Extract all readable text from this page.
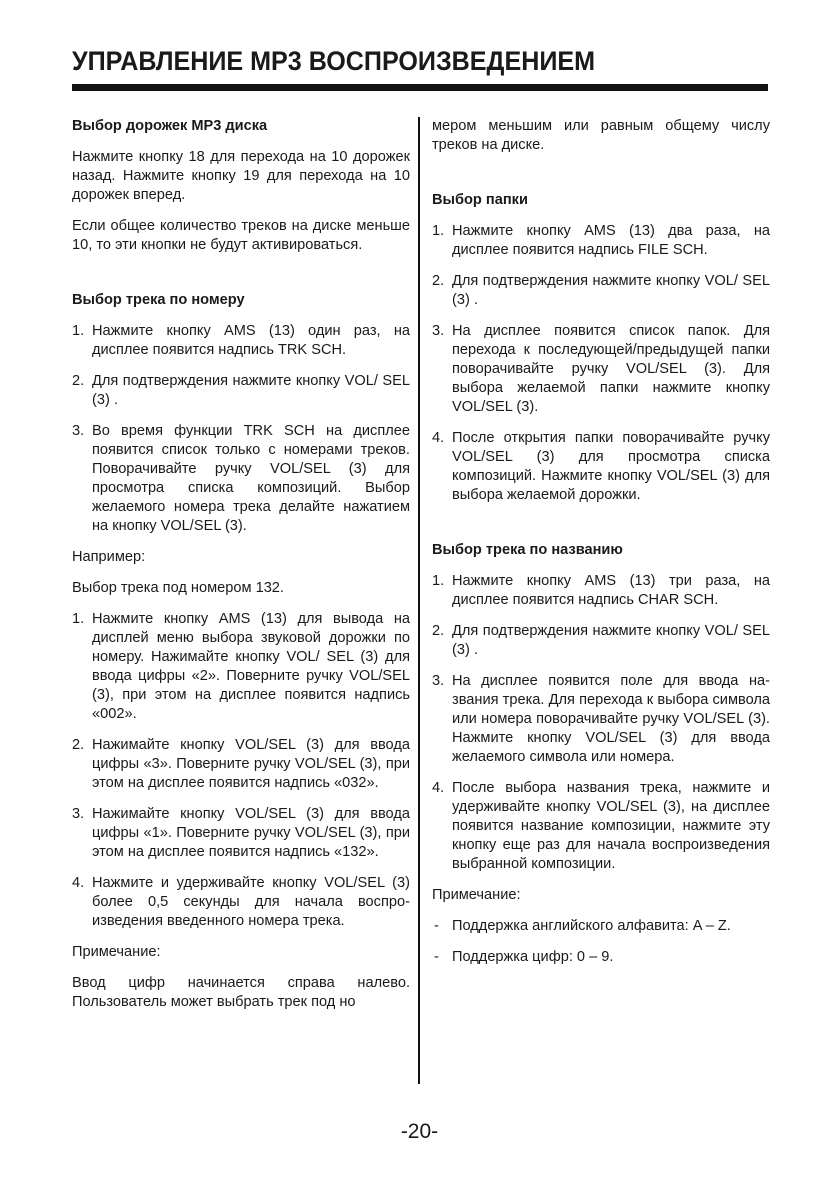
УПРАВЛЕНИЕ МР3 ВОСПРОИЗВЕДЕНИЕМ
Выбор дорожек МР3 диска

Нажмите кнопку 18 для перехода на 10 дорожек назад. Нажмите кнопку 19 для перехода на 10 дорожек вперед.

Если общее количество треков на диске меньше 10, то эти кнопки не будут активироваться.

Выбор трека по номеру
1. Нажмите кнопку AMS (13) один раз, на дисплее появится надпись TRK SCH.
2. Для подтверждения нажмите кнопку VOL/ SEL (3) .
3. Во время функции TRK SCH на дисплее появится список только с номерами треков. Поворачивайте ручку VOL/SEL (3) для просмотра списка композиций. Выбор желаемого номера трека делайте нажатием на кнопку VOL/SEL (3).

Например:

Выбор трека под номером 132.

1. Нажмите кнопку AMS (13) для вывода на дисплей меню выбора звуковой дорожки по номеру. Нажимайте кнопку VOL/ SEL (3) для ввода цифры «2». Поверните ручку VOL/SEL (3), при этом на дисплее появится надпись «002».
2. Нажимайте кнопку VOL/SEL (3) для ввода цифры «3». Поверните ручку VOL/SEL (3), при этом на дисплее появится надпись «032».
3. Нажимайте кнопку VOL/SEL (3) для ввода цифры «1». Поверните ручку VOL/SEL (3), при этом на дисплее появится надпись «132».
4. Нажмите и удерживайте кнопку VOL/SEL (3) более 0,5 секунды для начала воспроизведения введенного номера трека.

Примечание:

Ввод цифр начинается справа налево. Пользователь может выбрать трек под но

мером меньшим или равным общему числу треков на диске.

Выбор папки
1. Нажмите кнопку AMS (13) два раза, на дисплее появится надпись FILE SCH.
2. Для подтверждения нажмите кнопку VOL/ SEL (3) .
3. На дисплее появится список папок. Для перехода к последующей/предыдущей папки поворачивайте ручку VOL/SEL (3). Для выбора желаемой папки нажмите кнопку VOL/SEL (3).
4. После открытия папки поворачивайте ручку VOL/SEL (3) для просмотра списка композиций. Нажмите кнопку VOL/SEL (3) для выбора желаемой дорожки.
Выбор трека по названию
1. Нажмите кнопку AMS (13) три раза, на дисплее появится надпись CHAR SCH.
2. Для подтверждения нажмите кнопку VOL/ SEL (3) .
3. На дисплее появится поле для ввода названия трека. Для перехода к выбора символа или номера поворачивайте ручку VOL/SEL (3). Нажмите кнопку VOL/SEL (3) для ввода желаемого символа или номера.
4. После выбора названия трека, нажмите и удерживайте кнопку VOL/SEL (3), на дисплее появится название композиции, нажмите эту кнопку еще раз для начала воспроизведения выбранной композиции.

Примечание:

- Поддержка английского алфавита: A – Z.
- Поддержка цифр: 0 – 9.
-20-
